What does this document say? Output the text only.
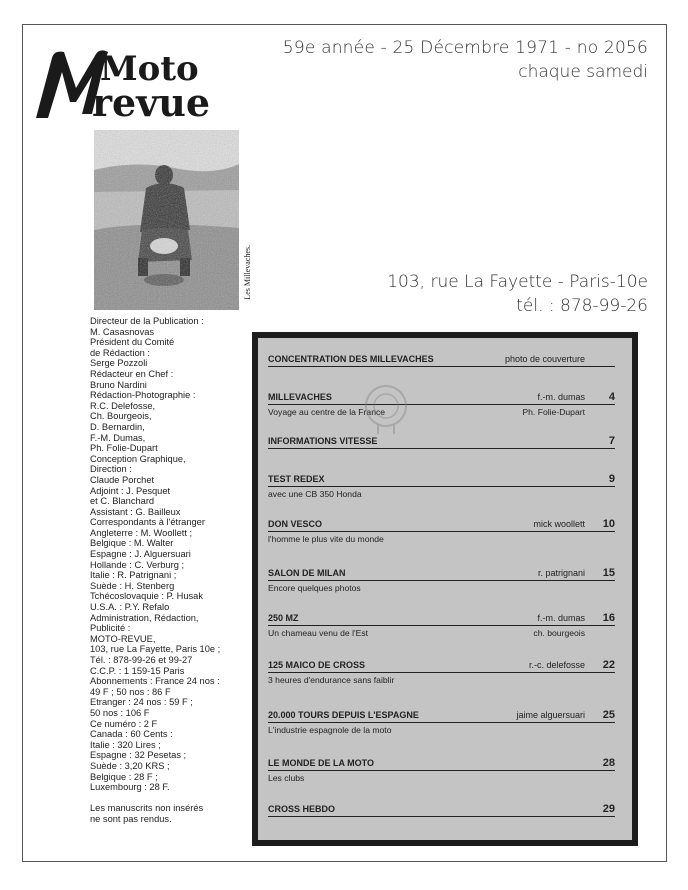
Moto
revue
59e année - 25 Décembre 1971 - no 2056
chaque samedi
Les Millevaches.	103, rue La Fayette - Paris-10e
tél. : 878-99-26
Directeur de la Publication :
M. Casasnovas
Président du Comité
de Rédaction :
Serge Pozzoli
Rédacteur en Chef :
Bruno Nardini
Rédaction-Photographie :
R.C. Delefosse,
Ch. Bourgeois,
D. Bernardin,
F.-M. Dumas,
Ph. Folie-Dupart
Conception Graphique,
Direction :
Claude Porchet
Adjoint : J. Pesquet
et C. Blanchard
Assistant : G. Bailleux
Correspondants à l'étranger
Angleterre : M. Woollett ;
Belgique : M. Walter
Espagne : J. Alguersuari
Hollande : C. Verburg ;
Italie : R. Patrignani ;
Suède : H. Stenberg
Tchécoslovaquie : P. Husak
U.S.A. : P.Y. Refalo
Administration, Rédaction,
Publicité :
MOTO-REVUE,
103, rue La Fayette, Paris 10e ;
Tél. : 878-99-26 et 99-27
C.C.P. : 1 159-15 Paris
Abonnements : France 24 nos :
49 F ; 50 nos : 86 F
Etranger : 24 nos : 59 F ;
50 nos : 106 F
Ce numéro : 2 F
Canada : 60 Cents :
Italie : 320 Lires ;
Espagne : 32 Pesetas ;
Suède : 3,20 KRS ;
Belgique : 28 F ;
Luxembourg : 28 F.
Les manuscrits non insérés
ne sont pas rendus.
CONCENTRATION DES MILLEVACHES	photo de couverture
MILLEVACHES	f.-m. dumas 4
Voyage au centre de la France	Ph. Folie-Dupart
INFORMATIONS VITESSE	7
TEST REDEX	9
avec une CB 350 Honda
DON VESCO	mick woollett 10
l'homme le plus vite du monde
SALON DE MILAN	r. patrignani 15
Encore quelques photos
250 MZ	f.-m. dumas 16
Un chameau venu de l'Est	ch. bourgeois
125 MAICO DE CROSS	r.-c. delefosse 22
3 heures d'endurance sans faiblir
20.000 TOURS DEPUIS L'ESPAGNE	jaime alguersuari 25
L'industrie espagnole de la moto
LE MONDE DE LA MOTO	28
Les clubs
CROSS HEBDO	29
